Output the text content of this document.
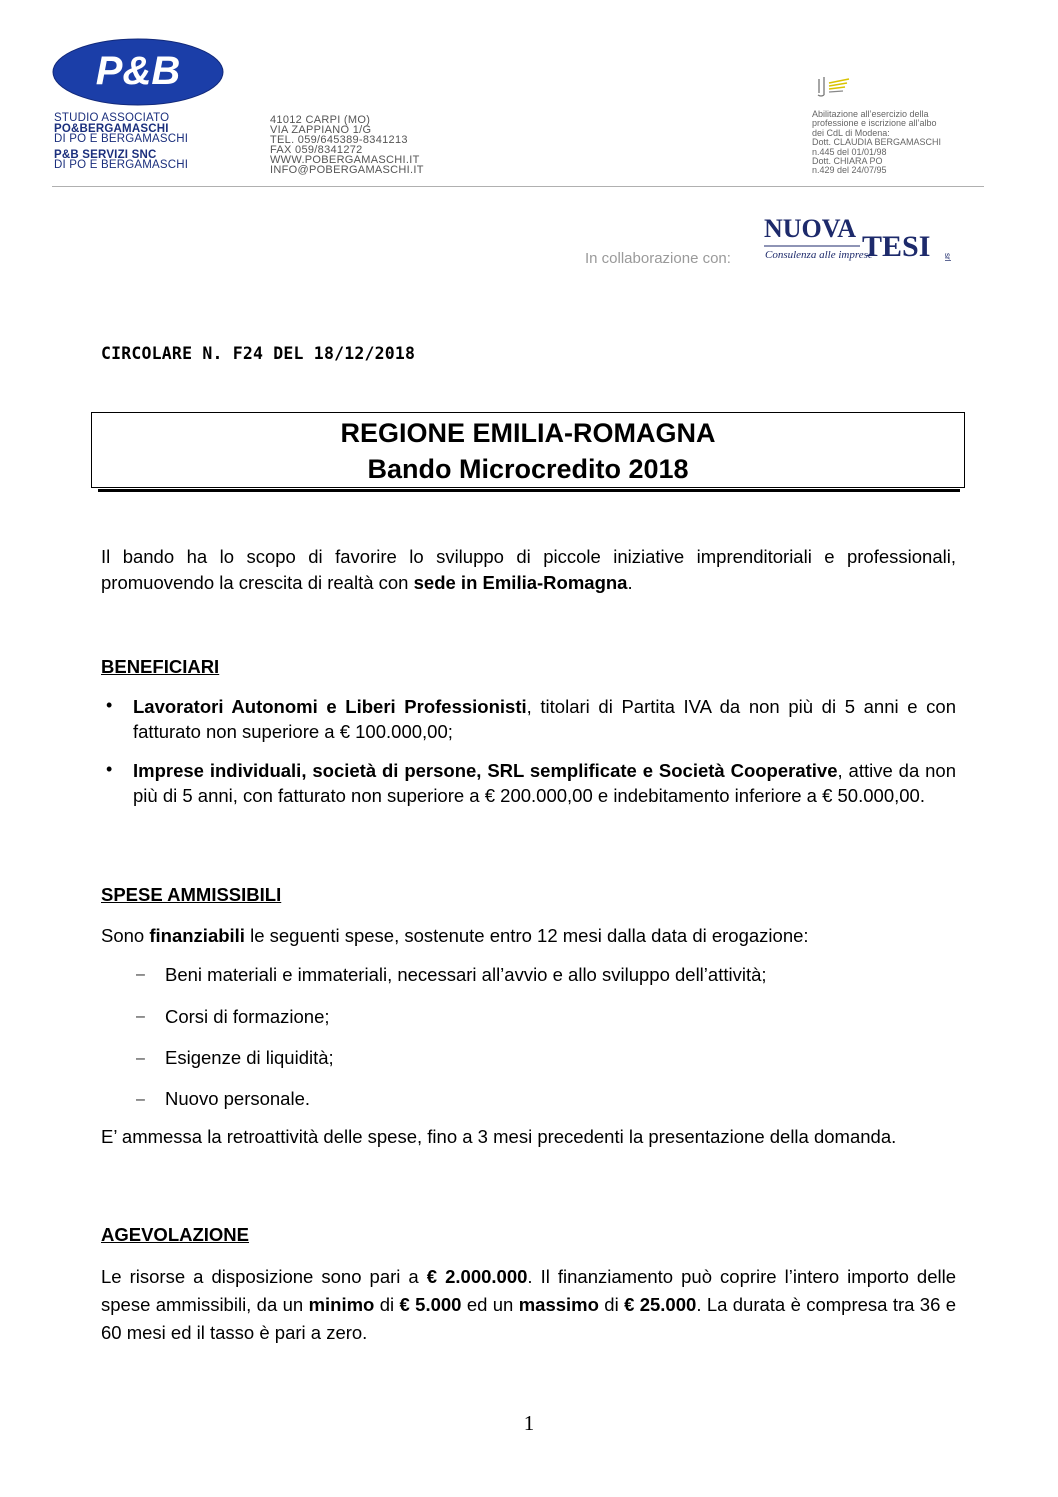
P&B
STUDIO ASSOCIATO
PO&BERGAMASCHI
DI PO E BERGAMASCHI
P&B SERVIZI SNC
DI PO E BERGAMASCHI
41012 CARPI (MO)
VIA ZAPPIANO 1/G
TEL. 059/645389-8341213
FAX 059/8341272
WWW.POBERGAMASCHI.IT
INFO@POBERGAMASCHI.IT
Abilitazione all’esercizio della
professione e iscrizione all’albo
dei CdL di Modena:
Dott. CLAUDIA BERGAMASCHI
n.445 del 01/01/98
Dott. CHIARA PO
n.429 del 24/07/95
In collaborazione con:
NUOVA
TESI
Consulenza alle imprese	srl
CIRCOLARE N. F24 DEL 18/12/2018
REGIONE EMILIA-ROMAGNA
Bando Microcredito 2018
Il bando ha lo scopo di favorire lo sviluppo di piccole iniziative imprenditoriali e professionali, promuovendo la crescita di realtà con sede in Emilia-Romagna.
BENEFICIARI
• Lavoratori Autonomi e Liberi Professionisti, titolari di Partita IVA da non più di 5 anni e con fatturato non superiore a € 100.000,00;
• Imprese individuali, società di persone, SRL semplificate e Società Cooperative, attive da non più di 5 anni, con fatturato non superiore a € 200.000,00 e indebitamento inferiore a € 50.000,00.
SPESE AMMISSIBILI
Sono finanziabili le seguenti spese, sostenute entro 12 mesi dalla data di erogazione:
– Beni materiali e immateriali, necessari all’avvio e allo sviluppo dell’attività;
– Corsi di formazione;
– Esigenze di liquidità;
– Nuovo personale.
E’ ammessa la retroattività delle spese, fino a 3 mesi precedenti la presentazione della domanda.
AGEVOLAZIONE
Le risorse a disposizione sono pari a € 2.000.000. Il finanziamento può coprire l’intero importo delle spese ammissibili, da un minimo di € 5.000 ed un massimo di € 25.000. La durata è compresa tra 36 e 60 mesi ed il tasso è pari a zero.
1
